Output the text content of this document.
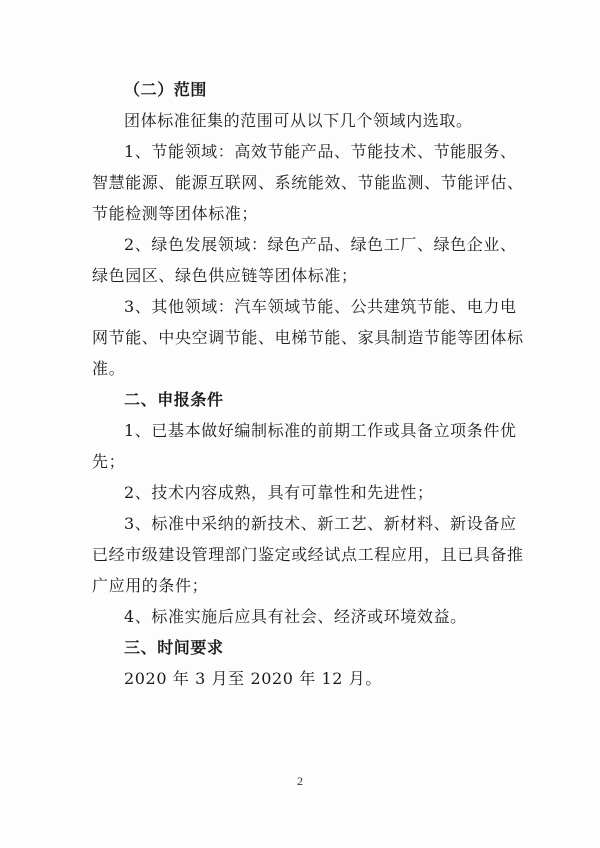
（二）范围
团体标准征集的范围可从以下几个领域内选取。
1、节能领域：高效节能产品、节能技术、节能服务、
智慧能源、能源互联网、系统能效、节能监测、节能评估、
节能检测等团体标准；
2、绿色发展领域：绿色产品、绿色工厂、绿色企业、
绿色园区、绿色供应链等团体标准；
3、其他领域：汽车领域节能、公共建筑节能、电力电
网节能、中央空调节能、电梯节能、家具制造节能等团体标
准。
二、申报条件
1、已基本做好编制标准的前期工作或具备立项条件优
先；
2、技术内容成熟，具有可靠性和先进性；
3、标准中采纳的新技术、新工艺、新材料、新设备应
已经市级建设管理部门鉴定或经试点工程应用，且已具备推
广应用的条件；
4、标准实施后应具有社会、经济或环境效益。
三、时间要求
2020 年 3 月至 2020 年 12 月。
2
